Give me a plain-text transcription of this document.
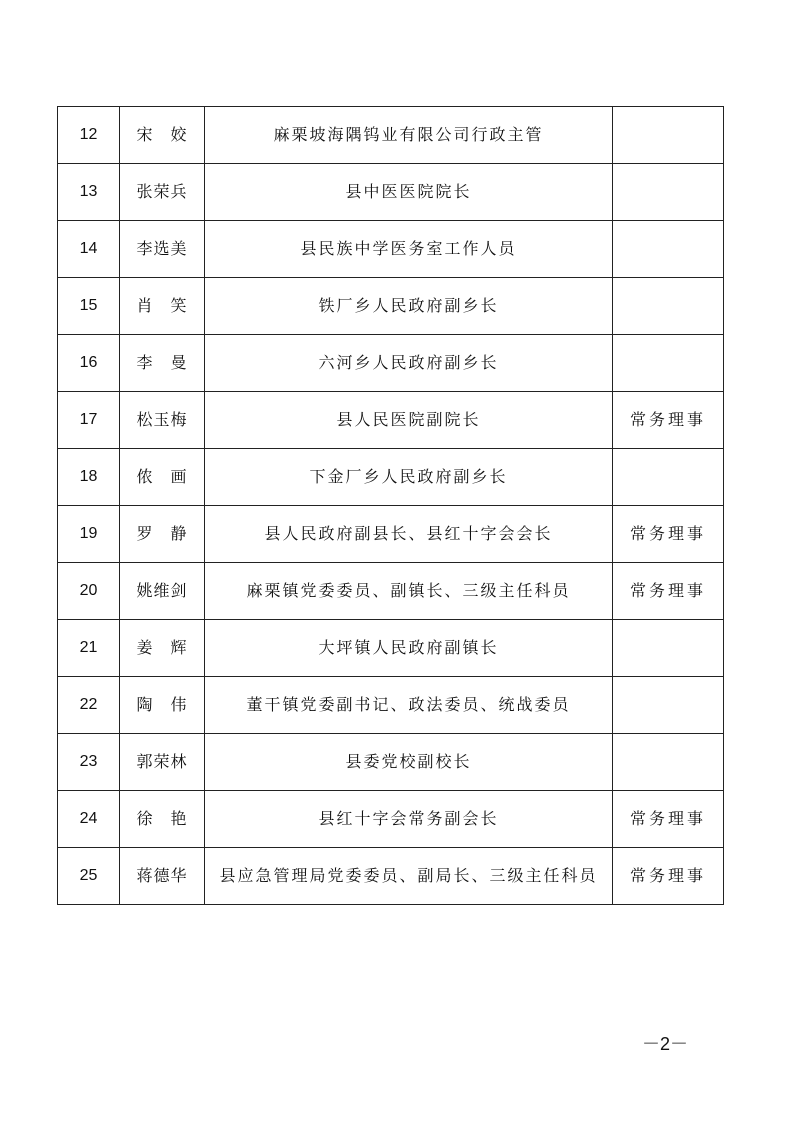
12	宋　姣	麻栗坡海隅钨业有限公司行政主管	
13	张荣兵	县中医医院院长	
14	李选美	县民族中学医务室工作人员	
15	肖　笑	铁厂乡人民政府副乡长	
16	李　曼	六河乡人民政府副乡长	
17	松玉梅	县人民医院副院长	常务理事
18	侬　画	下金厂乡人民政府副乡长	
19	罗　静	县人民政府副县长、县红十字会会长	常务理事
20	姚维剑	麻栗镇党委委员、副镇长、三级主任科员	常务理事
21	姜　辉	大坪镇人民政府副镇长	
22	陶　伟	董干镇党委副书记、政法委员、统战委员	
23	郭荣林	县委党校副校长	
24	徐　艳	县红十字会常务副会长	常务理事
25	蒋德华	县应急管理局党委委员、副局长、三级主任科员	常务理事
－2－
